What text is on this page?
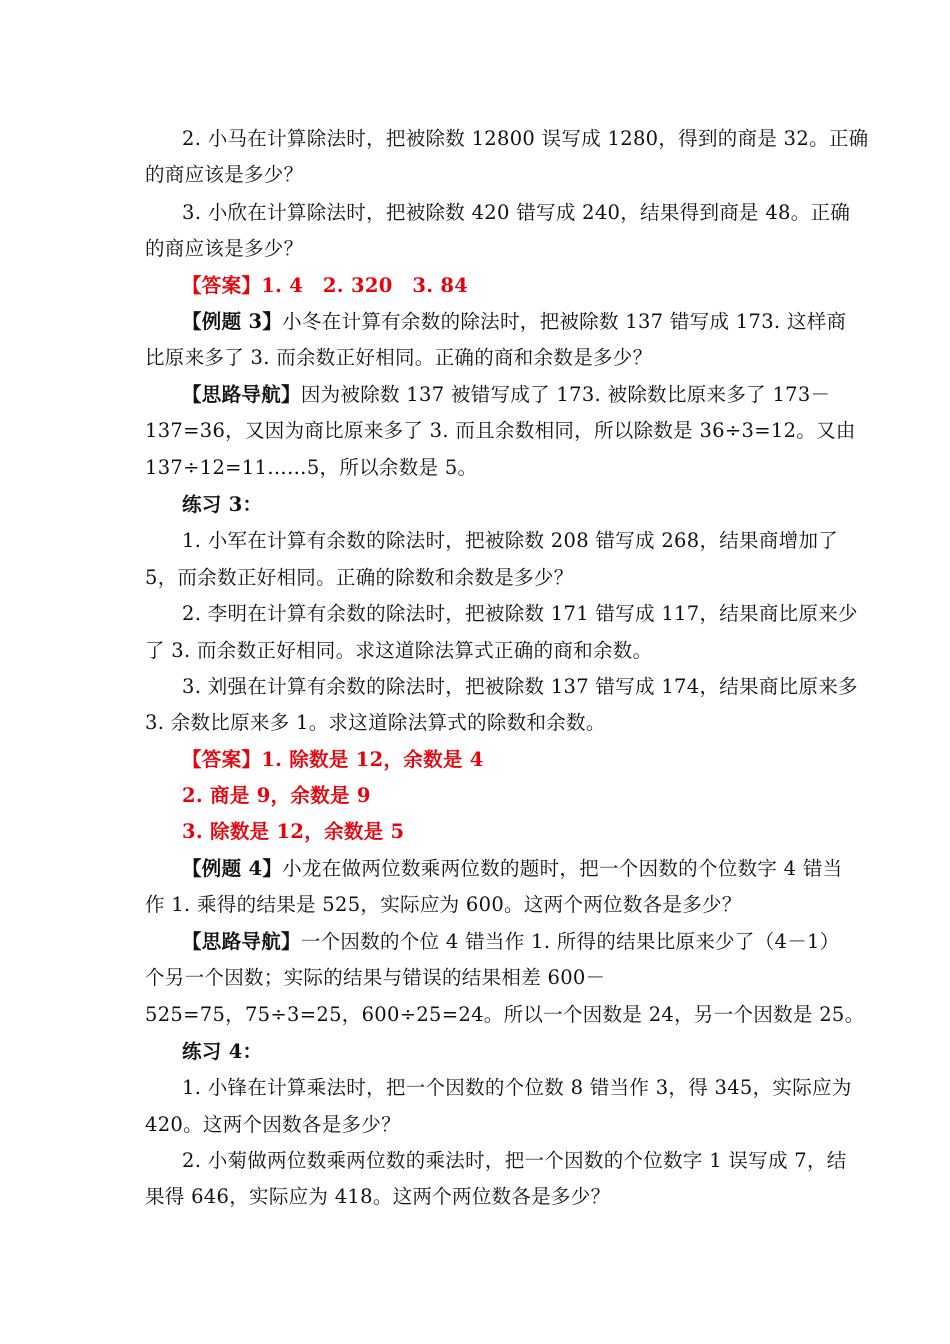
2. 小马在计算除法时，把被除数 12800 误写成 1280，得到的商是 32。正确
的商应该是多少？
3. 小欣在计算除法时，把被除数 420 错写成 240，结果得到商是 48。正确
的商应该是多少？
【答案】1. 4　2. 320　3. 84
【例题 3】小冬在计算有余数的除法时，把被除数 137 错写成 173. 这样商
比原来多了 3. 而余数正好相同。正确的商和余数是多少？
【思路导航】因为被除数 137 被错写成了 173. 被除数比原来多了 173－
137=36，又因为商比原来多了 3. 而且余数相同，所以除数是 36÷3=12。又由
137÷12=11……5，所以余数是 5。
练习 3：
1. 小军在计算有余数的除法时，把被除数 208 错写成 268，结果商增加了
5，而余数正好相同。正确的除数和余数是多少？
2. 李明在计算有余数的除法时，把被除数 171 错写成 117，结果商比原来少
了 3. 而余数正好相同。求这道除法算式正确的商和余数。
3. 刘强在计算有余数的除法时，把被除数 137 错写成 174，结果商比原来多
3. 余数比原来多 1。求这道除法算式的除数和余数。
【答案】1. 除数是 12，余数是 4
2. 商是 9，余数是 9
3. 除数是 12，余数是 5
【例题 4】小龙在做两位数乘两位数的题时，把一个因数的个位数字 4 错当
作 1. 乘得的结果是 525，实际应为 600。这两个两位数各是多少？
【思路导航】一个因数的个位 4 错当作 1. 所得的结果比原来少了（4－1）
个另一个因数；实际的结果与错误的结果相差 600－
525=75，75÷3=25，600÷25=24。所以一个因数是 24，另一个因数是 25。
练习 4：
1. 小锋在计算乘法时，把一个因数的个位数 8 错当作 3，得 345，实际应为
420。这两个因数各是多少？
2. 小菊做两位数乘两位数的乘法时，把一个因数的个位数字 1 误写成 7，结
果得 646，实际应为 418。这两个两位数各是多少？
